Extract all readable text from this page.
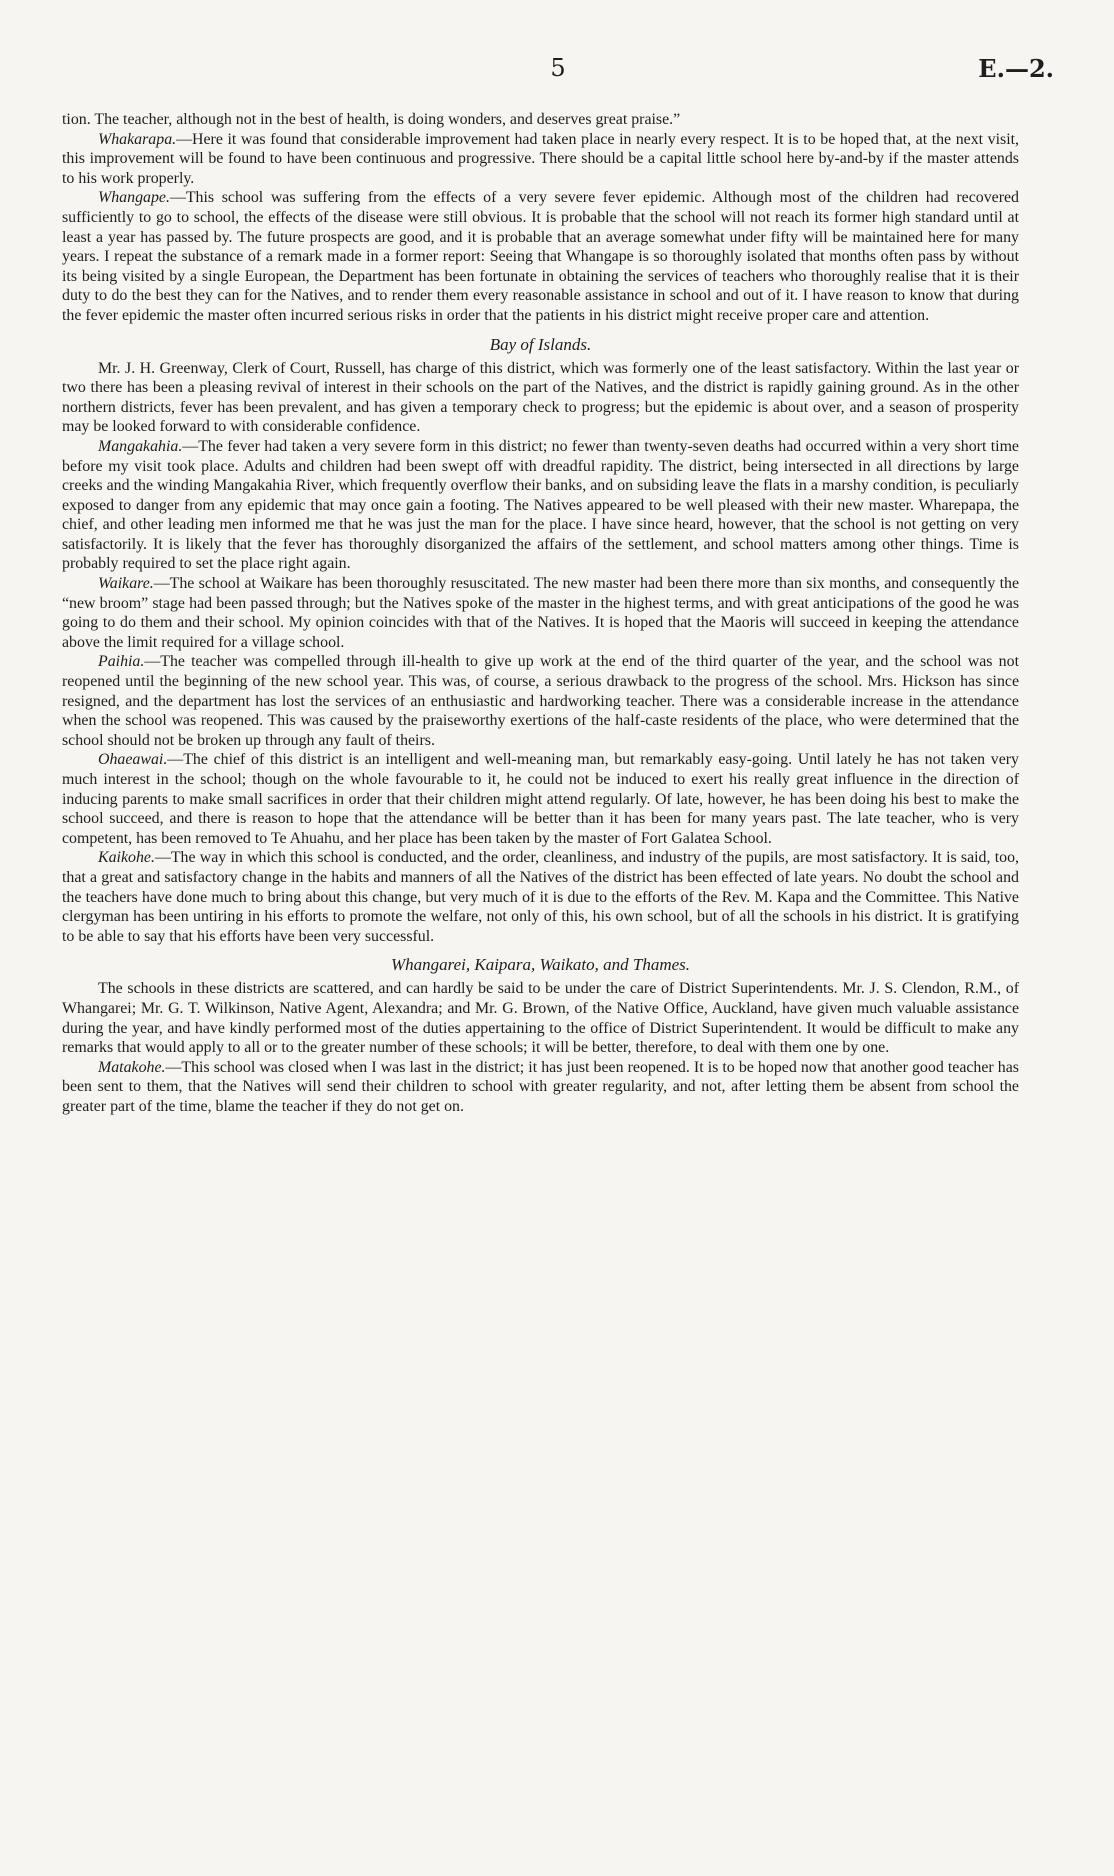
5	E.—2.

tion. The teacher, although not in the best of health, is doing wonders, and deserves great praise.”

Whakarapa.—Here it was found that considerable improvement had taken place in nearly every respect. It is to be hoped that, at the next visit, this improvement will be found to have been continuous and progressive. There should be a capital little school here by-and-by if the master attends to his work properly.

Whangape.—This school was suffering from the effects of a very severe fever epidemic. Although most of the children had recovered sufficiently to go to school, the effects of the disease were still obvious. It is probable that the school will not reach its former high standard until at least a year has passed by. The future prospects are good, and it is probable that an average somewhat under fifty will be maintained here for many years. I repeat the substance of a remark made in a former report: Seeing that Whangape is so thoroughly isolated that months often pass by without its being visited by a single European, the Department has been fortunate in obtaining the services of teachers who thoroughly realise that it is their duty to do the best they can for the Natives, and to render them every reasonable assistance in school and out of it. I have reason to know that during the fever epidemic the master often incurred serious risks in order that the patients in his district might receive proper care and attention.

Bay of Islands.

Mr. J. H. Greenway, Clerk of Court, Russell, has charge of this district, which was formerly one of the least satisfactory. Within the last year or two there has been a pleasing revival of interest in their schools on the part of the Natives, and the district is rapidly gaining ground. As in the other northern districts, fever has been prevalent, and has given a temporary check to progress; but the epidemic is about over, and a season of prosperity may be looked forward to with considerable confidence.

Mangakahia.—The fever had taken a very severe form in this district; no fewer than twenty-seven deaths had occurred within a very short time before my visit took place. Adults and children had been swept off with dreadful rapidity. The district, being intersected in all directions by large creeks and the winding Mangakahia River, which frequently overflow their banks, and on subsiding leave the flats in a marshy condition, is peculiarly exposed to danger from any epidemic that may once gain a footing. The Natives appeared to be well pleased with their new master. Wharepapa, the chief, and other leading men informed me that he was just the man for the place. I have since heard, however, that the school is not getting on very satisfactorily. It is likely that the fever has thoroughly disorganized the affairs of the settlement, and school matters among other things. Time is probably required to set the place right again.

Waikare.—The school at Waikare has been thoroughly resuscitated. The new master had been there more than six months, and consequently the “new broom” stage had been passed through; but the Natives spoke of the master in the highest terms, and with great anticipations of the good he was going to do them and their school. My opinion coincides with that of the Natives. It is hoped that the Maoris will succeed in keeping the attendance above the limit required for a village school.

Paihia.—The teacher was compelled through ill-health to give up work at the end of the third quarter of the year, and the school was not reopened until the beginning of the new school year. This was, of course, a serious drawback to the progress of the school. Mrs. Hickson has since resigned, and the department has lost the services of an enthusiastic and hardworking teacher. There was a considerable increase in the attendance when the school was reopened. This was caused by the praiseworthy exertions of the half-caste residents of the place, who were determined that the school should not be broken up through any fault of theirs.

Ohaeawai.—The chief of this district is an intelligent and well-meaning man, but remarkably easy-going. Until lately he has not taken very much interest in the school; though on the whole favourable to it, he could not be induced to exert his really great influence in the direction of inducing parents to make small sacrifices in order that their children might attend regularly. Of late, however, he has been doing his best to make the school succeed, and there is reason to hope that the attendance will be better than it has been for many years past. The late teacher, who is very competent, has been removed to Te Ahuahu, and her place has been taken by the master of Fort Galatea School.

Kaikohe.—The way in which this school is conducted, and the order, cleanliness, and industry of the pupils, are most satisfactory. It is said, too, that a great and satisfactory change in the habits and manners of all the Natives of the district has been effected of late years. No doubt the school and the teachers have done much to bring about this change, but very much of it is due to the efforts of the Rev. M. Kapa and the Committee. This Native clergyman has been untiring in his efforts to promote the welfare, not only of this, his own school, but of all the schools in his district. It is gratifying to be able to say that his efforts have been very successful.

Whangarei, Kaipara, Waikato, and Thames.

The schools in these districts are scattered, and can hardly be said to be under the care of District Superintendents. Mr. J. S. Clendon, R.M., of Whangarei; Mr. G. T. Wilkinson, Native Agent, Alexandra; and Mr. G. Brown, of the Native Office, Auckland, have given much valuable assistance during the year, and have kindly performed most of the duties appertaining to the office of District Superintendent. It would be difficult to make any remarks that would apply to all or to the greater number of these schools; it will be better, therefore, to deal with them one by one.

Matakohe.—This school was closed when I was last in the district; it has just been reopened. It is to be hoped now that another good teacher has been sent to them, that the Natives will send their children to school with greater regularity, and not, after letting them be absent from school the greater part of the time, blame the teacher if they do not get on.
